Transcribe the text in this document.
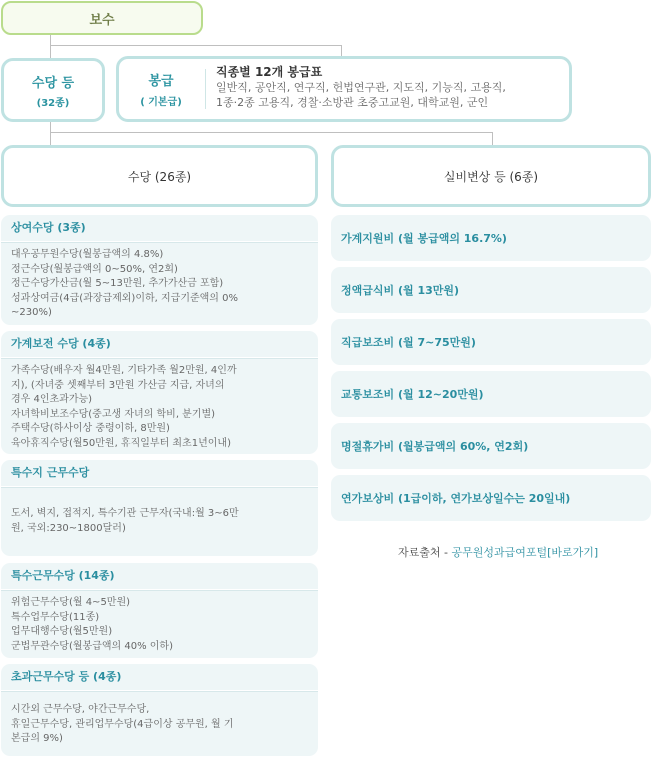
보수
수당 등
(32종)
봉급
( 기본급)
직종별 12개 봉급표
일반직, 공안직, 연구직, 헌법연구관, 지도직, 기능직, 고용직,
1종·2종 고용직, 경찰·소방관 초중고교원, 대학교원, 군인
수당 (26종)	실비변상 등 (6종)
상여수당 (3종)
대우공무원수당(월봉급액의 4.8%)
정근수당(월봉급액의 0~50%, 연2회)
정근수당가산금(월 5~13만원, 추가가산금 포함)
성과상여금(4급(과장급제외)이하, 지급기준액의 0%
~230%)
가계보전 수당 (4종)
가족수당(배우자 월4만원, 기타가족 월2만원, 4인까
지), (자녀중 셋째부터 3만원 가산금 지급, 자녀의
경우 4인초과가능)
자녀학비보조수당(중고생 자녀의 학비, 분기별)
주택수당(하사이상 중령이하, 8만원)
육아휴직수당(월50만원, 휴직일부터 최초1년이내)
특수지 근무수당
도서, 벽지, 접적지, 특수기관 근무자(국내:월 3~6만
원, 국외:230~1800달러)
특수근무수당 (14종)
위험근무수당(월 4~5만원)
특수업무수당(11종)
업무대행수당(월5만원)
군법무관수당(월봉급액의 40% 이하)
초과근무수당 등 (4종)
시간외 근무수당, 야간근무수당,
휴일근무수당, 관리업무수당(4급이상 공무원, 월 기
본급의 9%)
가계지원비 (월 봉급액의 16.7%)
정액급식비 (월 13만원)
직급보조비 (월 7~75만원)
교통보조비 (월 12~20만원)
명절휴가비 (월봉급액의 60%, 연2회)
연가보상비 (1급이하, 연가보상일수는 20일내)
자료출처 - 공무원성과급여포털[바로가기]
